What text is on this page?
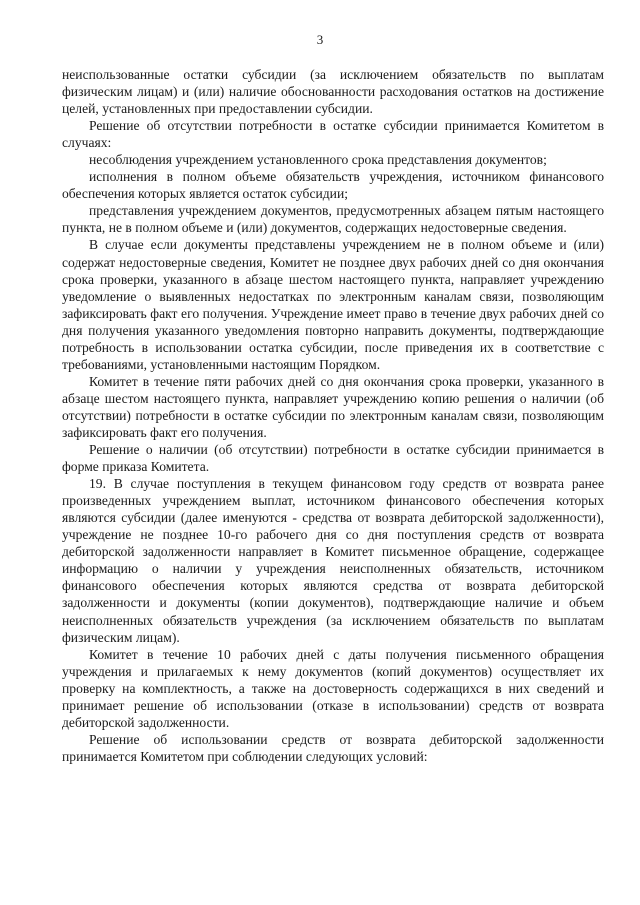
3

неиспользованные остатки субсидии (за исключением обязательств по выплатам физическим лицам) и (или) наличие обоснованности расходования остатков на достижение целей, установленных при предоставлении субсидии.

Решение об отсутствии потребности в остатке субсидии принимается Комитетом в случаях:

несоблюдения учреждением установленного срока представления документов;

исполнения в полном объеме обязательств учреждения, источником финансового обеспечения которых является остаток субсидии;

представления учреждением документов, предусмотренных абзацем пятым настоящего пункта, не в полном объеме и (или) документов, содержащих недостоверные сведения.

В случае если документы представлены учреждением не в полном объеме и (или) содержат недостоверные сведения, Комитет не позднее двух рабочих дней со дня окончания срока проверки, указанного в абзаце шестом настоящего пункта, направляет учреждению уведомление о выявленных недостатках по электронным каналам связи, позволяющим зафиксировать факт его получения. Учреждение имеет право в течение двух рабочих дней со дня получения указанного уведомления повторно направить документы, подтверждающие потребность в использовании остатка субсидии, после приведения их в соответствие с требованиями, установленными настоящим Порядком.

Комитет в течение пяти рабочих дней со дня окончания срока проверки, указанного в абзаце шестом настоящего пункта, направляет учреждению копию решения о наличии (об отсутствии) потребности в остатке субсидии по электронным каналам связи, позволяющим зафиксировать факт его получения.

Решение о наличии (об отсутствии) потребности в остатке субсидии принимается в форме приказа Комитета.

19. В случае поступления в текущем финансовом году средств от возврата ранее произведенных учреждением выплат, источником финансового обеспечения которых являются субсидии (далее именуются - средства от возврата дебиторской задолженности), учреждение не позднее 10-го рабочего дня со дня поступления средств от возврата дебиторской задолженности направляет в Комитет письменное обращение, содержащее информацию о наличии у учреждения неисполненных обязательств, источником финансового обеспечения которых являются средства от возврата дебиторской задолженности и документы (копии документов), подтверждающие наличие и объем неисполненных обязательств учреждения (за исключением обязательств по выплатам физическим лицам).

Комитет в течение 10 рабочих дней с даты получения письменного обращения учреждения и прилагаемых к нему документов (копий документов) осуществляет их проверку на комплектность, а также на достоверность содержащихся в них сведений и принимает решение об использовании (отказе в использовании) средств от возврата дебиторской задолженности.

Решение об использовании средств от возврата дебиторской задолженности принимается Комитетом при соблюдении следующих условий:
